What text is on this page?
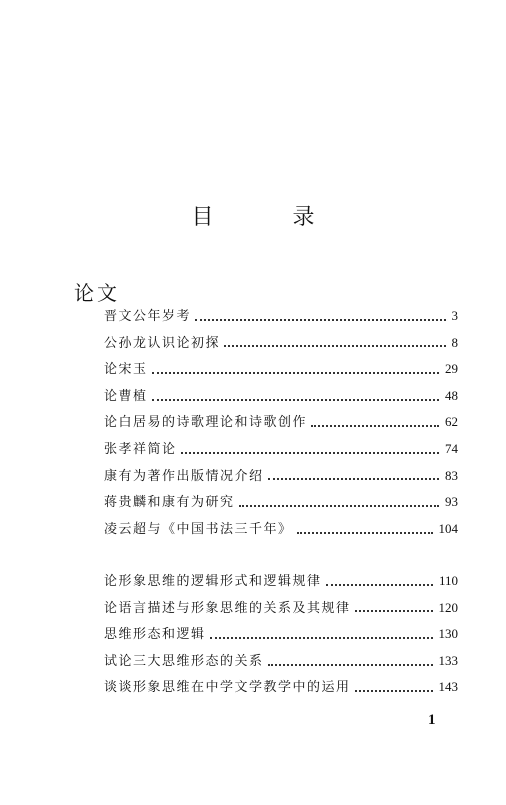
目 录
论文
晋文公年岁考	3
公孙龙认识论初探	8
论宋玉	29
论曹植	48
论白居易的诗歌理论和诗歌创作	62
张孝祥简论	74
康有为著作出版情况介绍	83
蒋贵麟和康有为研究	93
凌云超与《中国书法三千年》	104
论形象思维的逻辑形式和逻辑规律	110
论语言描述与形象思维的关系及其规律	120
思维形态和逻辑	130
试论三大思维形态的关系	133
谈谈形象思维在中学文学教学中的运用	143
1
